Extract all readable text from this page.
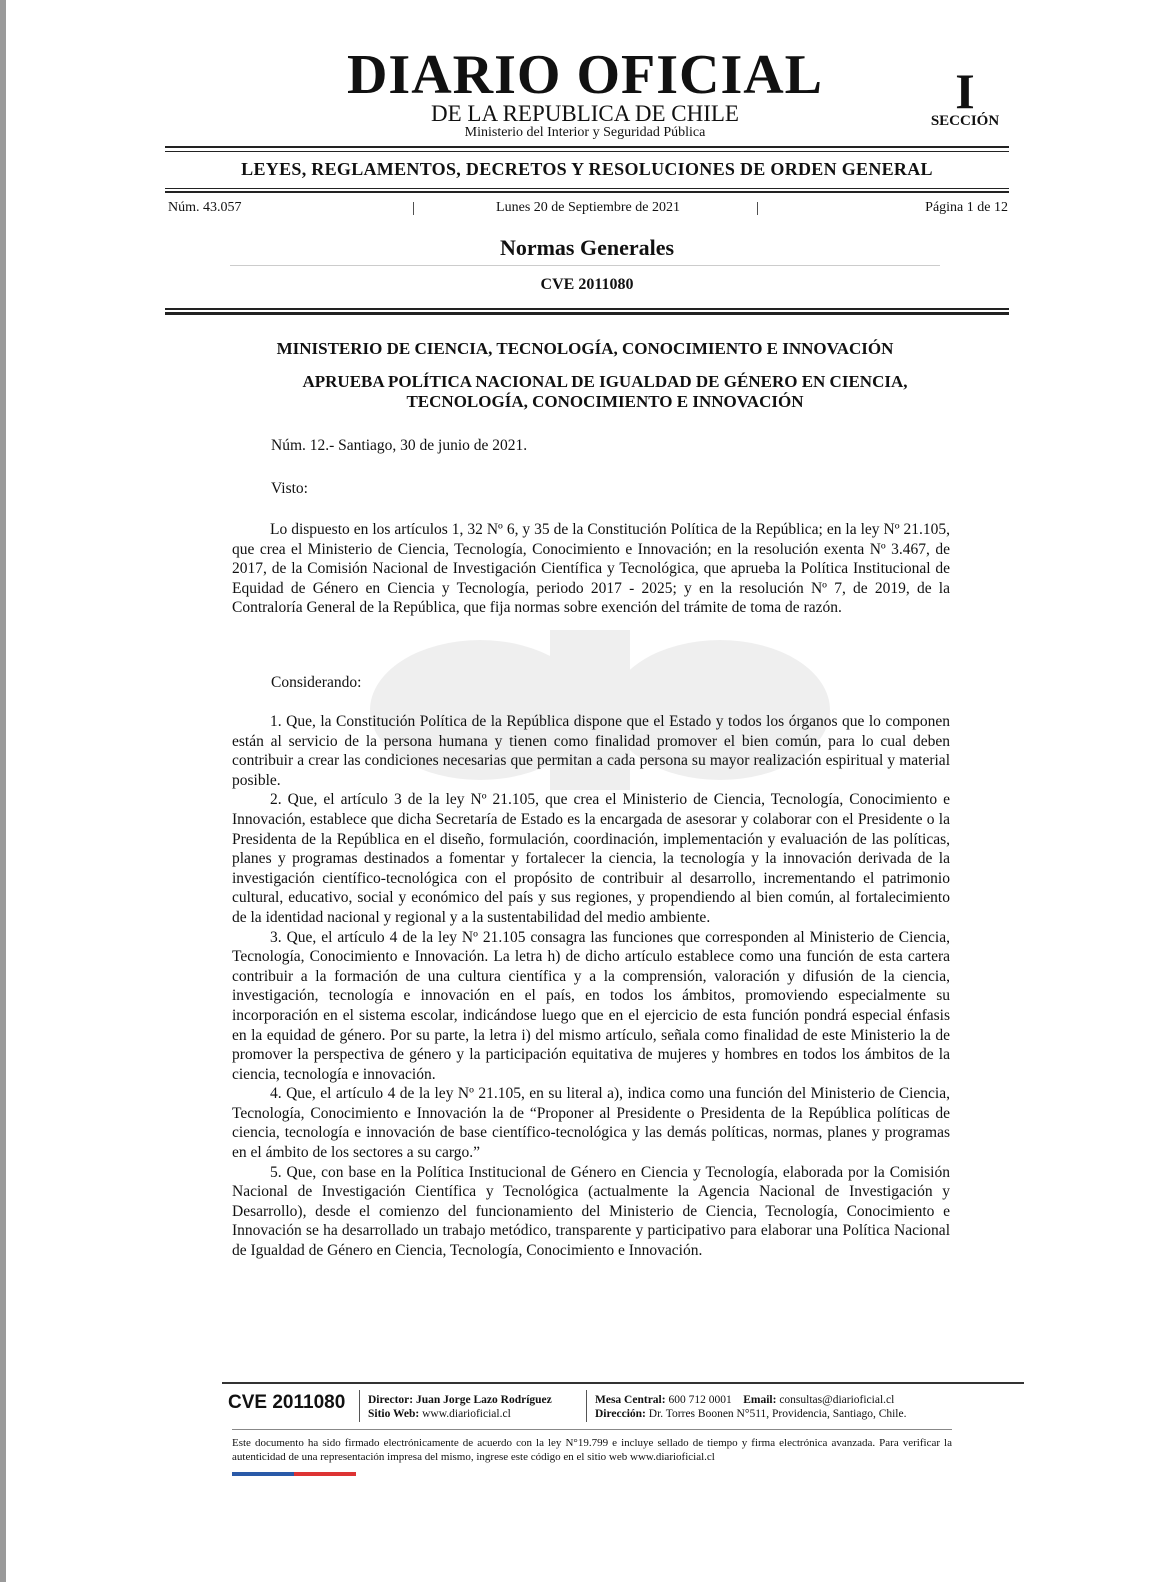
DIARIO OFICIAL
DE LA REPUBLICA DE CHILE
Ministerio del Interior y Seguridad Pública
I
SECCIÓN
LEYES, REGLAMENTOS, DECRETOS Y RESOLUCIONES DE ORDEN GENERAL
Núm. 43.057	|	Lunes 20 de Septiembre de 2021	|	Página 1 de 12
Normas Generales
CVE 2011080
MINISTERIO DE CIENCIA, TECNOLOGÍA, CONOCIMIENTO E INNOVACIÓN
APRUEBA POLÍTICA NACIONAL DE IGUALDAD DE GÉNERO EN CIENCIA,
TECNOLOGÍA, CONOCIMIENTO E INNOVACIÓN
Núm. 12.- Santiago, 30 de junio de 2021.
Visto:
Lo dispuesto en los artículos 1, 32 Nº 6, y 35 de la Constitución Política de la República; en la ley Nº 21.105, que crea el Ministerio de Ciencia, Tecnología, Conocimiento e Innovación; en la resolución exenta Nº 3.467, de 2017, de la Comisión Nacional de Investigación Científica y Tecnológica, que aprueba la Política Institucional de Equidad de Género en Ciencia y Tecnología, periodo 2017 - 2025; y en la resolución Nº 7, de 2019, de la Contraloría General de la República, que fija normas sobre exención del trámite de toma de razón.
Considerando:
1. Que, la Constitución Política de la República dispone que el Estado y todos los órganos que lo componen están al servicio de la persona humana y tienen como finalidad promover el bien común, para lo cual deben contribuir a crear las condiciones necesarias que permitan a cada persona su mayor realización espiritual y material posible.
2. Que, el artículo 3 de la ley Nº 21.105, que crea el Ministerio de Ciencia, Tecnología, Conocimiento e Innovación, establece que dicha Secretaría de Estado es la encargada de asesorar y colaborar con el Presidente o la Presidenta de la República en el diseño, formulación, coordinación, implementación y evaluación de las políticas, planes y programas destinados a fomentar y fortalecer la ciencia, la tecnología y la innovación derivada de la investigación científico-tecnológica con el propósito de contribuir al desarrollo, incrementando el patrimonio cultural, educativo, social y económico del país y sus regiones, y propendiendo al bien común, al fortalecimiento de la identidad nacional y regional y a la sustentabilidad del medio ambiente.
3. Que, el artículo 4 de la ley Nº 21.105 consagra las funciones que corresponden al Ministerio de Ciencia, Tecnología, Conocimiento e Innovación. La letra h) de dicho artículo establece como una función de esta cartera contribuir a la formación de una cultura científica y a la comprensión, valoración y difusión de la ciencia, investigación, tecnología e innovación en el país, en todos los ámbitos, promoviendo especialmente su incorporación en el sistema escolar, indicándose luego que en el ejercicio de esta función pondrá especial énfasis en la equidad de género. Por su parte, la letra i) del mismo artículo, señala como finalidad de este Ministerio la de promover la perspectiva de género y la participación equitativa de mujeres y hombres en todos los ámbitos de la ciencia, tecnología e innovación.
4. Que, el artículo 4 de la ley Nº 21.105, en su literal a), indica como una función del Ministerio de Ciencia, Tecnología, Conocimiento e Innovación la de “Proponer al Presidente o Presidenta de la República políticas de ciencia, tecnología e innovación de base científico-tecnológica y las demás políticas, normas, planes y programas en el ámbito de los sectores a su cargo.”
5. Que, con base en la Política Institucional de Género en Ciencia y Tecnología, elaborada por la Comisión Nacional de Investigación Científica y Tecnológica (actualmente la Agencia Nacional de Investigación y Desarrollo), desde el comienzo del funcionamiento del Ministerio de Ciencia, Tecnología, Conocimiento e Innovación se ha desarrollado un trabajo metódico, transparente y participativo para elaborar una Política Nacional de Igualdad de Género en Ciencia, Tecnología, Conocimiento e Innovación.
CVE 2011080 Director: Juan Jorge Lazo Rodríguez
Sitio Web: www.diarioficial.cl
Mesa Central: 600 712 0001 Email: consultas@diarioficial.cl
Dirección: Dr. Torres Boonen N°511, Providencia, Santiago, Chile.
Este documento ha sido firmado electrónicamente de acuerdo con la ley N°19.799 e incluye sellado de tiempo y firma electrónica avanzada. Para verificar la autenticidad de una representación impresa del mismo, ingrese este código en el sitio web www.diarioficial.cl
